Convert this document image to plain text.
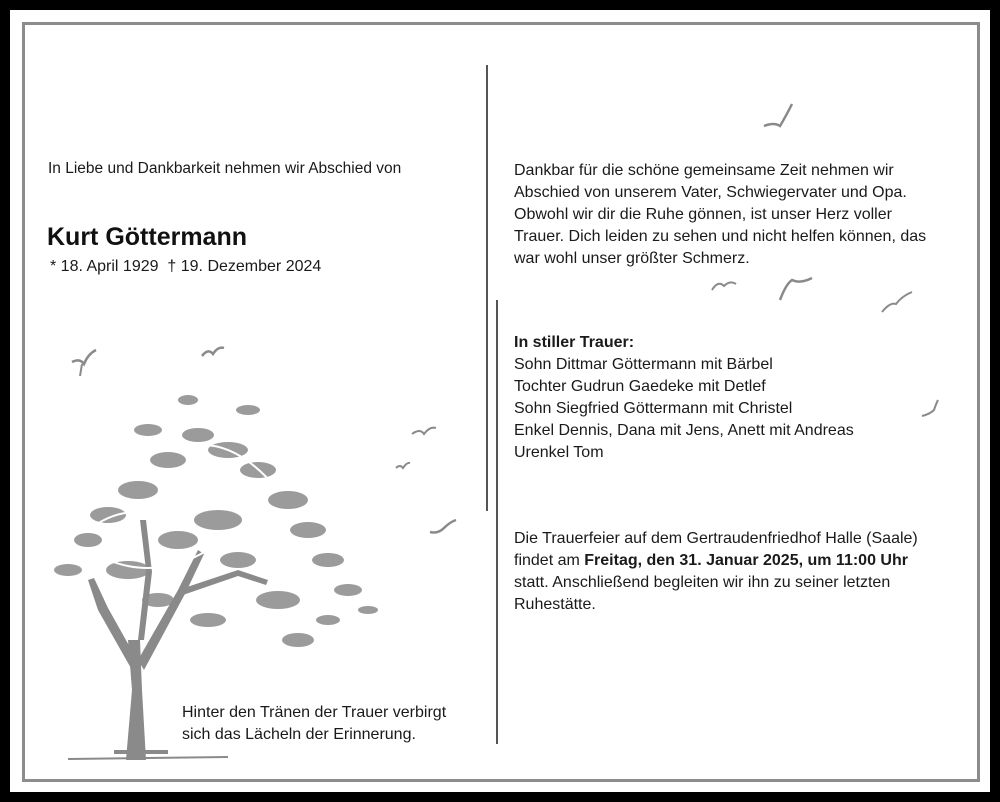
In Liebe und Dankbarkeit nehmen wir Abschied von
Kurt Göttermann
* 18. April 1929  † 19. Dezember 2024
Hinter den Tränen der Trauer verbirgt
sich das Lächeln der Erinnerung.
Dankbar für die schöne gemeinsame Zeit nehmen wir
Abschied von unserem Vater, Schwiegervater und Opa.
Obwohl wir dir die Ruhe gönnen, ist unser Herz voller
Trauer. Dich leiden zu sehen und nicht helfen können, das
war wohl unser größter Schmerz.
In stiller Trauer:
Sohn Dittmar Göttermann mit Bärbel
Tochter Gudrun Gaedeke mit Detlef
Sohn Siegfried Göttermann mit Christel
Enkel Dennis, Dana mit Jens, Anett mit Andreas
Urenkel Tom
Die Trauerfeier auf dem Gertraudenfriedhof Halle (Saale)
findet am Freitag, den 31. Januar 2025, um 11:00 Uhr
statt. Anschließend begleiten wir ihn zu seiner letzten
Ruhestätte.
